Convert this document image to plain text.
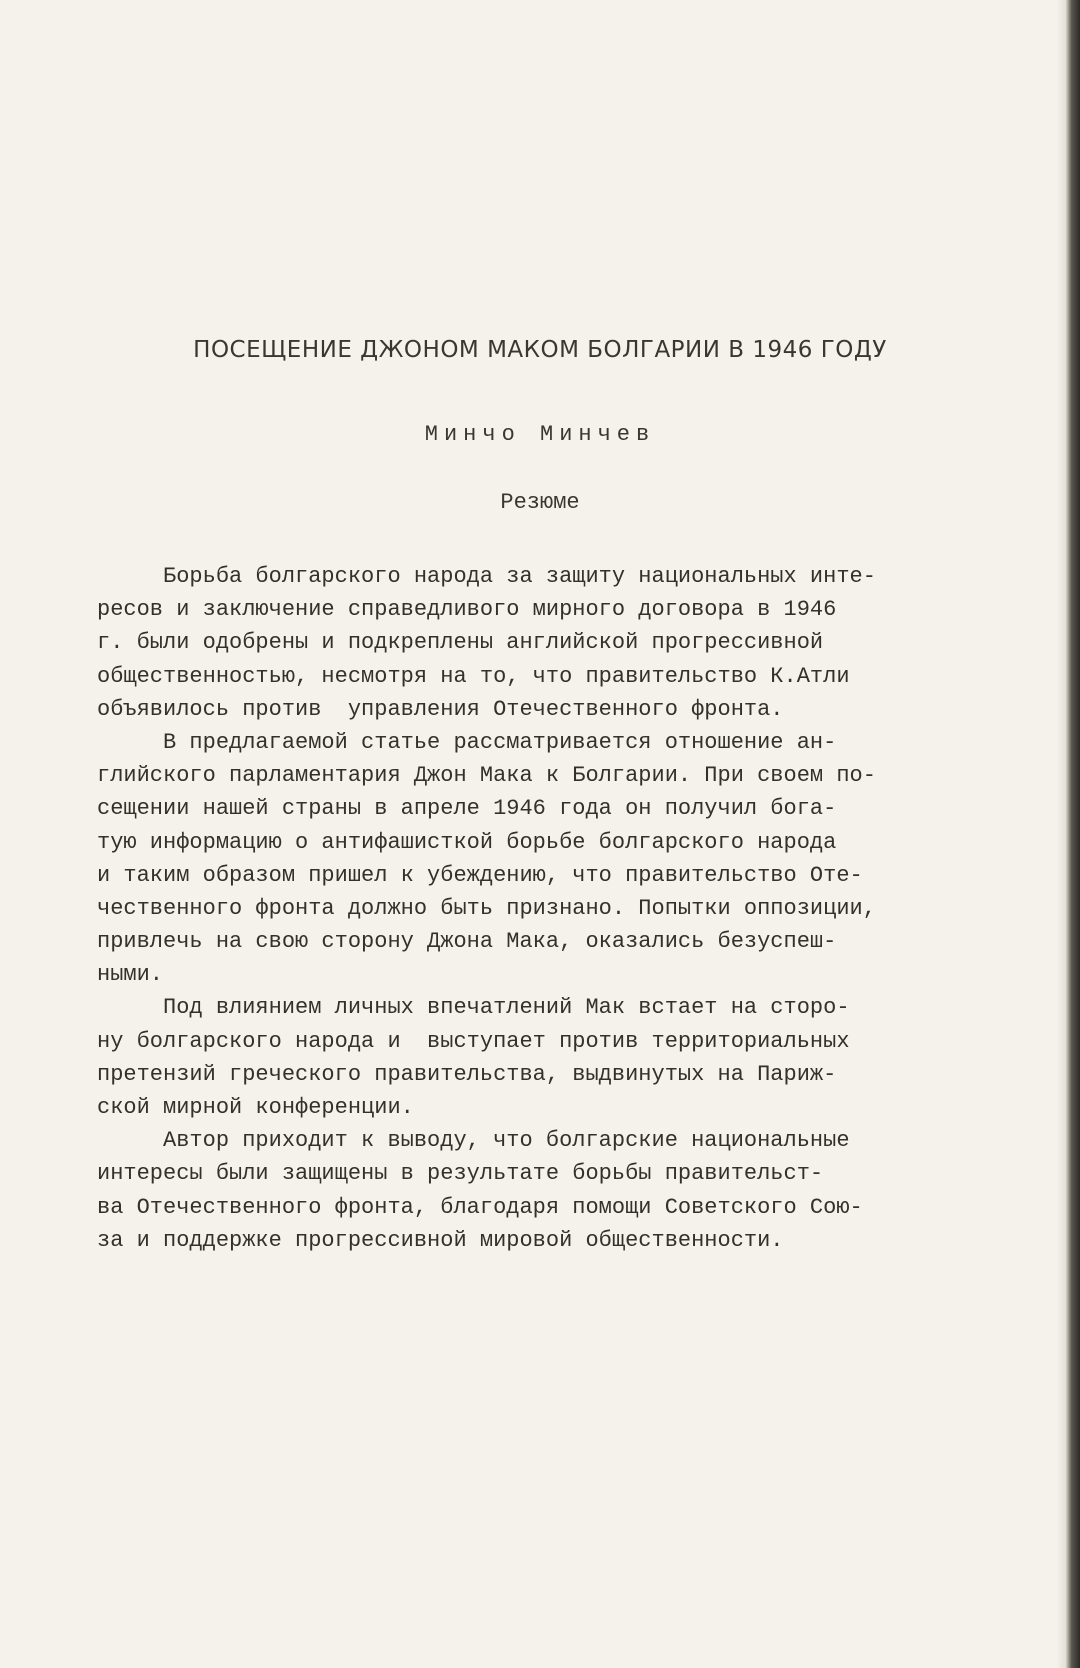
ПОСЕЩЕНИЕ ДЖОНОМ МАКОМ БОЛГАРИИ В 1946 ГОДУ
Минчо Минчев
Резюме
Борьба болгарского народа за защиту национальных инте-
ресов и заключение справедливого мирного договора в 1946
г. были одобрены и подкреплены английской прогрессивной
общественностью, несмотря на то, что правительство К.Атли
объявилось против  управления Отечественного фронта.
В предлагаемой статье рассматривается отношение ан-
глийского парламентария Джон Мака к Болгарии. При своем по-
сещении нашей страны в апреле 1946 года он получил бога-
тую информацию о антифашисткой борьбе болгарского народа
и таким образом пришел к убеждению, что правительство Оте-
чественного фронта должно быть признано. Попытки оппозиции,
привлечь на свою сторону Джона Мака, оказались безуспеш-
ными.
Под влиянием личных впечатлений Мак встает на сторо-
ну болгарского народа и  выступает против территориальных
претензий греческого правительства, выдвинутых на Париж-
ской мирной конференции.
Автор приходит к выводу, что болгарские национальные
интересы были защищены в результате борьбы правительст-
ва Отечественного фронта, благодаря помощи Советского Сою-
за и поддержке прогрессивной мировой общественности.
